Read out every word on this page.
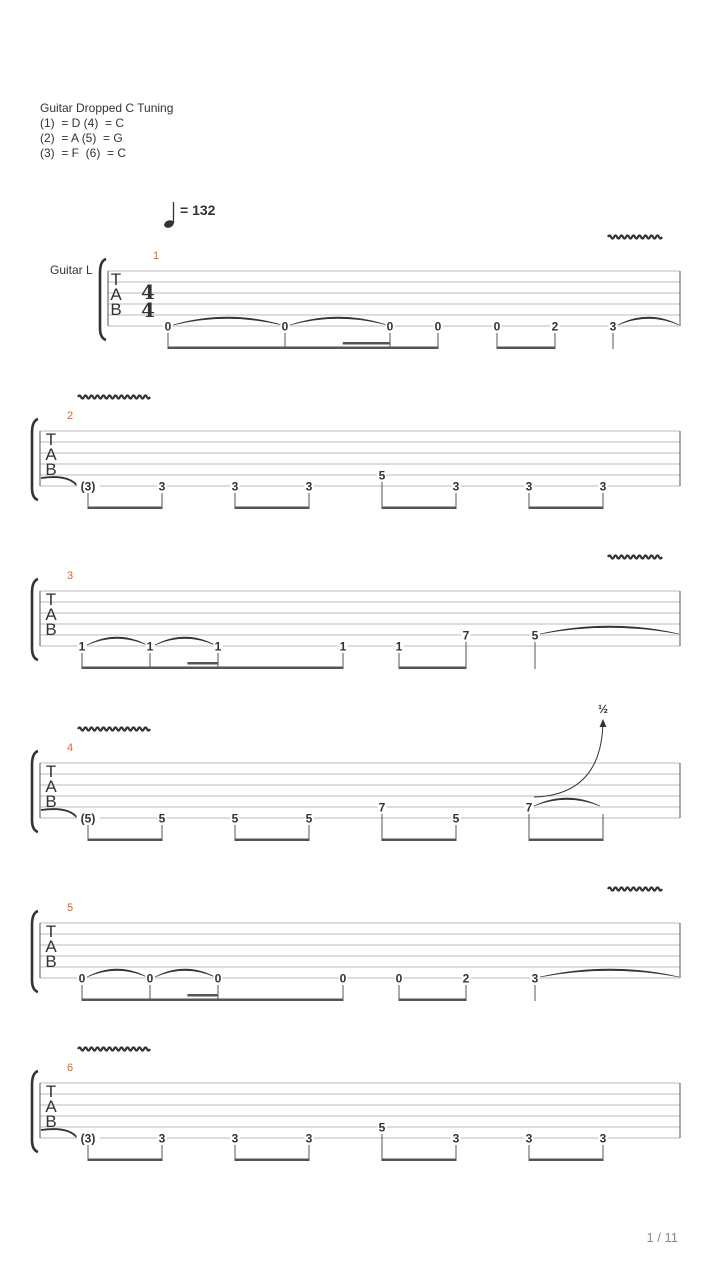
Guitar Dropped C Tuning
(1)  = D (4)  = C
(2)  = A (5)  = G
(3)  = F  (6)  = C
= 132
T
A
B
Guitar L
4
4
1
0	0	0	0	0	2	3
T
A
B
2
(3)	3	3	3
5
3	3	3
T
A
B
3
1	1	1	1	1
7	5
T
A
B
4
(5)	5	5	5
7
5
7
½
T
A
B
5
0	0	0	0	0	2	3
T
A
B
6
(3)	3	3	3
5
3	3	3
1 / 11
